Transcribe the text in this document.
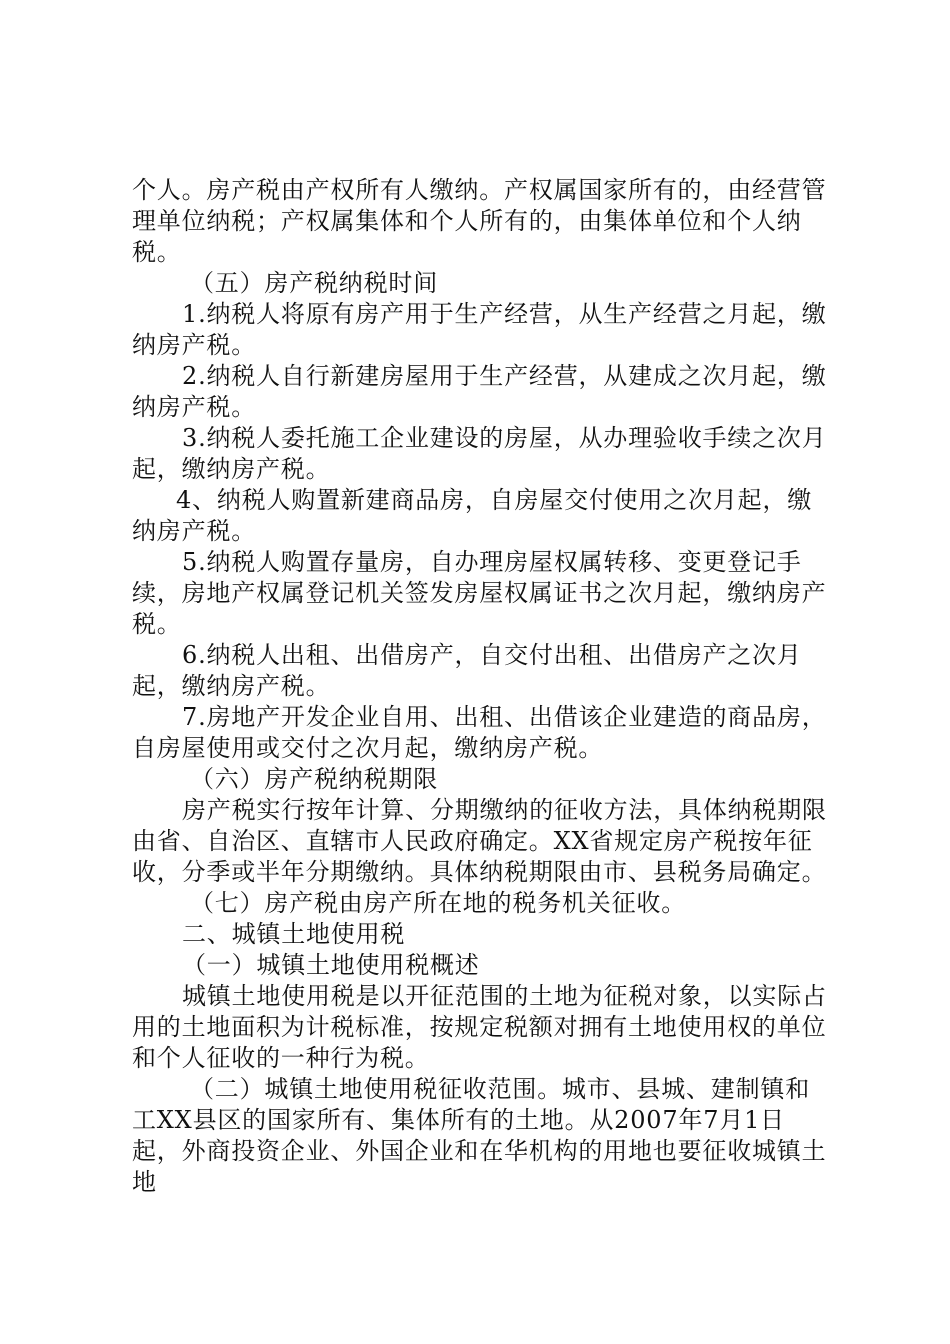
个人。房产税由产权所有人缴纳。产权属国家所有的，由经营管理单位纳税；产权属集体和个人所有的，由集体单位和个人纳税。

（五）房产税纳税时间

1.纳税人将原有房产用于生产经营，从生产经营之月起，缴纳房产税。

2.纳税人自行新建房屋用于生产经营，从建成之次月起，缴纳房产税。

3.纳税人委托施工企业建设的房屋，从办理验收手续之次月起，缴纳房产税。

4、纳税人购置新建商品房，自房屋交付使用之次月起，缴纳房产税。

5.纳税人购置存量房，自办理房屋权属转移、变更登记手续，房地产权属登记机关签发房屋权属证书之次月起，缴纳房产税。

6.纳税人出租、出借房产，自交付出租、出借房产之次月起，缴纳房产税。

7.房地产开发企业自用、出租、出借该企业建造的商品房，自房屋使用或交付之次月起，缴纳房产税。

（六）房产税纳税期限

房产税实行按年计算、分期缴纳的征收方法，具体纳税期限由省、自治区、直辖市人民政府确定。XX省规定房产税按年征收，分季或半年分期缴纳。具体纳税期限由市、县税务局确定。

（七）房产税由房产所在地的税务机关征收。

二、城镇土地使用税

（一）城镇土地使用税概述

城镇土地使用税是以开征范围的土地为征税对象，以实际占用的土地面积为计税标准，按规定税额对拥有土地使用权的单位和个人征收的一种行为税。

（二）城镇土地使用税征收范围。城市、县城、建制镇和工XX县区的国家所有、集体所有的土地。从2007年7月1日起，外商投资企业、外国企业和在华机构的用地也要征收城镇土地
